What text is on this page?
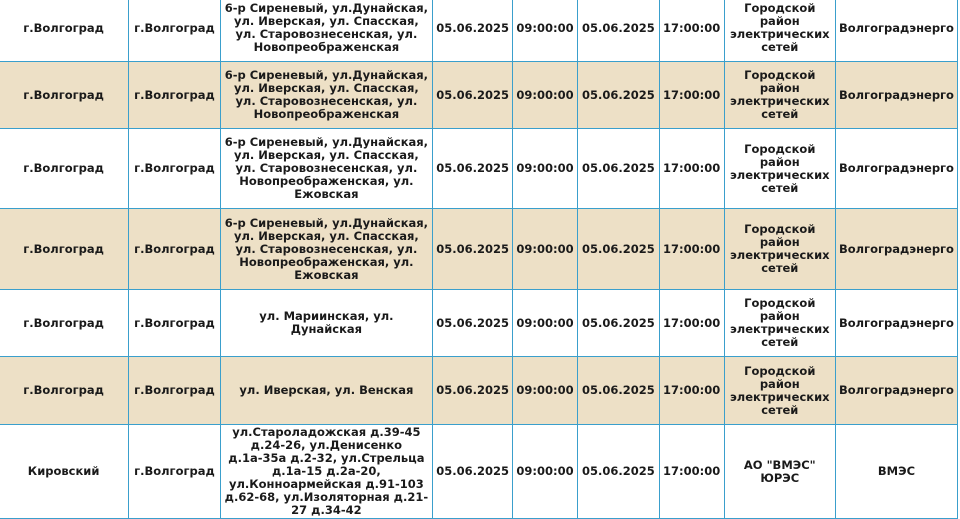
г.Волгоград	г.Волгоград	6-р Сиреневый, ул.Дунайская, ул. Иверская, ул. Спасская, ул. Старовознесенская, ул. Новопреображенская	05.06.2025	09:00:00	05.06.2025	17:00:00	Городской район электрических сетей	Волгоградэнерго
г.Волгоград	г.Волгоград	6-р Сиреневый, ул.Дунайская, ул. Иверская, ул. Спасская, ул. Старовознесенская, ул. Новопреображенская	05.06.2025	09:00:00	05.06.2025	17:00:00	Городской район электрических сетей	Волгоградэнерго
г.Волгоград	г.Волгоград	6-р Сиреневый, ул.Дунайская, ул. Иверская, ул. Спасская, ул. Старовознесенская, ул. Новопреображенская, ул. Ежовская	05.06.2025	09:00:00	05.06.2025	17:00:00	Городской район электрических сетей	Волгоградэнерго
г.Волгоград	г.Волгоград	6-р Сиреневый, ул.Дунайская, ул. Иверская, ул. Спасская, ул. Старовознесенская, ул. Новопреображенская, ул. Ежовская	05.06.2025	09:00:00	05.06.2025	17:00:00	Городской район электрических сетей	Волгоградэнерго
г.Волгоград	г.Волгоград	ул. Мариинская, ул. Дунайская	05.06.2025	09:00:00	05.06.2025	17:00:00	Городской район электрических сетей	Волгоградэнерго
г.Волгоград	г.Волгоград	ул. Иверская, ул. Венская	05.06.2025	09:00:00	05.06.2025	17:00:00	Городской район электрических сетей	Волгоградэнерго
Кировский	г.Волгоград	ул.Староладожская д.39-45 д.24-26, ул.Денисенко д.1а-35а д.2-32, ул.Стрельца д.1а-15 д.2а-20, ул.Конноармейская д.91-103 д.62-68, ул.Изоляторная д.21-27 д.34-42	05.06.2025	09:00:00	05.06.2025	17:00:00	АО "ВМЭС" ЮРЭС	ВМЭС
